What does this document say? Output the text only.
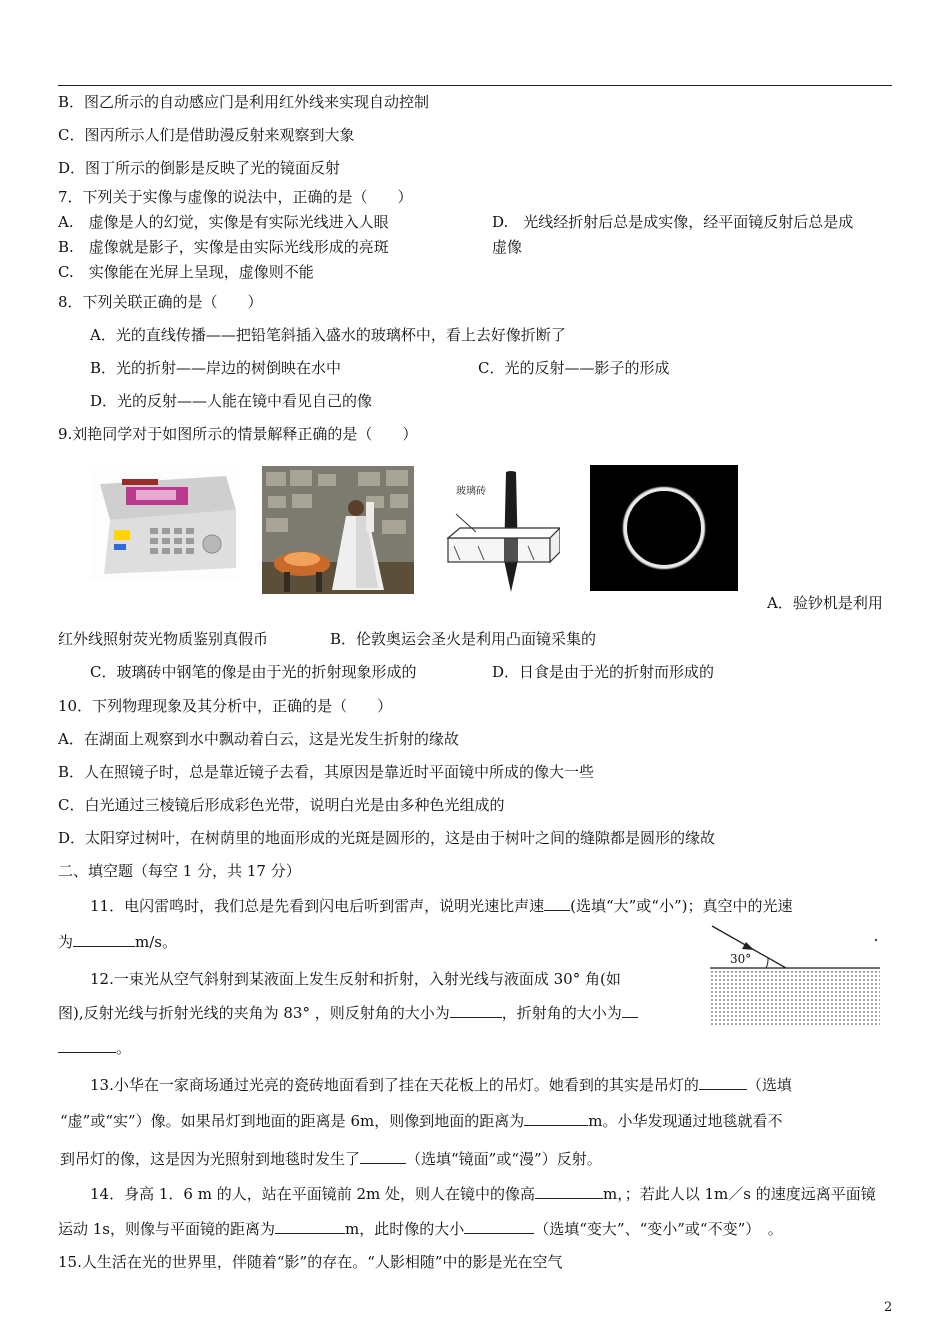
B．图乙所示的自动感应门是利用红外线来实现自动控制
C．图丙所示人们是借助漫反射来观察到大象
D．图丁所示的倒影是反映了光的镜面反射
7．下列关于实像与虚像的说法中，正确的是（　　）
A.　虚像是人的幻觉，实像是有实际光线进入人眼
B.　虚像就是影子，实像是由实际光线形成的亮斑
C.　实像能在光屏上呈现，虚像则不能
D.　光线经折射后总是成实像，经平面镜反射后总是成
虚像
8．下列关联正确的是（　　）
A．光的直线传播——把铅笔斜插入盛水的玻璃杯中，看上去好像折断了
B．光的折射——岸边的树倒映在水中	C．光的反射——影子的形成
D．光的反射——人能在镜中看见自己的像
9.刘艳同学对于如图所示的情景解释正确的是（　　）
玻璃砖
A．验钞机是利用
红外线照射荧光物质鉴别真假币	B．伦敦奥运会圣火是利用凸面镜采集的
C．玻璃砖中钢笔的像是由于光的折射现象形成的	D．日食是由于光的折射而形成的
10．下列物理现象及其分析中，正确的是（　　）
A．在湖面上观察到水中飘动着白云，这是光发生折射的缘故
B．人在照镜子时，总是靠近镜子去看，其原因是靠近时平面镜中所成的像大一些
C．白光通过三棱镜后形成彩色光带，说明白光是由多种色光组成的
D．太阳穿过树叶，在树荫里的地面形成的光斑是圆形的，这是由于树叶之间的缝隙都是圆形的缘故
二、填空题（每空 1 分，共 17 分）
11．电闪雷鸣时，我们总是先看到闪电后听到雷声，说明光速比声速 (选填“大”或“小”)；真空中的光速
为	m/s。
30°
12.一束光从空气斜射到某液面上发生反射和折射，入射光线与液面成 30° 角(如
图),反射光线与折射光线的夹角为 83° ，则反射角的大小为	，折射角的大小为
。
13.小华在一家商场通过光亮的瓷砖地面看到了挂在天花板上的吊灯。她看到的其实是吊灯的	（选填
“虚”或“实”）像。如果吊灯到地面的距离是 6m，则像到地面的距离为	m。小华发现通过地毯就看不
到吊灯的像，这是因为光照射到地毯时发生了	（选填“镜面”或“漫”）反射。
14．身高 1．6 m 的人，站在平面镜前 2m 处，则人在镜中的像高	m，；若此人以 1m／s 的速度远离平面镜
运动 1s，则像与平面镜的距离为	m，此时像的大小	（选填“变大”、“变小”或“不变”）　。
15.人生活在光的世界里，伴随着“影”的存在。“人影相随”中的影是光在空气
2
